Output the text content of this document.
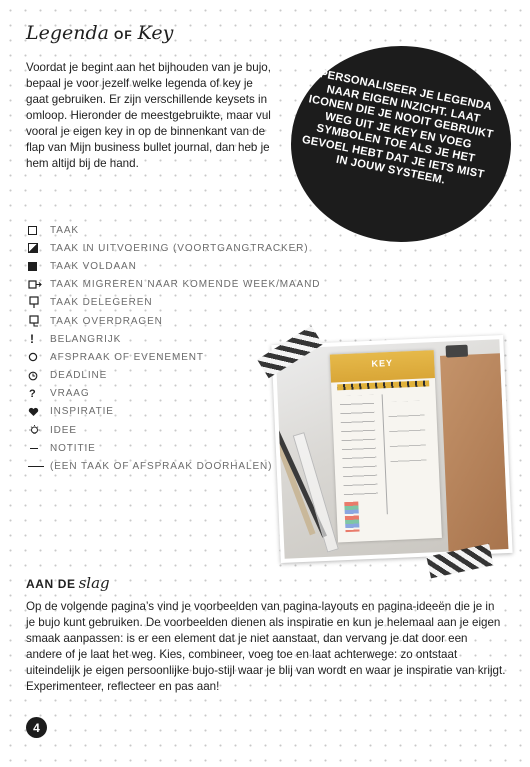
Legenda OF Key
Voordat je begint aan het bijhouden van je bujo, bepaal je voor jezelf welke legenda of key je gaat gebruiken. Er zijn verschillende keysets in omloop. Hieronder de meestgebruikte, maar vul vooral je eigen key in op de binnenkant van de flap van Mijn business bullet journal, dan heb je hem altijd bij de hand.
PERSONALISEER JE LEGENDA NAAR EIGEN INZICHT. LAAT ICONEN DIE JE NOOIT GEBRUIKT WEG UIT JE KEY EN VOEG SYMBOLEN TOE ALS JE HET GEVOEL HEBT DAT JE IETS MIST IN JOUW SYSTEEM.
TAAK
TAAK IN UITVOERING (VOORTGANGTRACKER)
TAAK VOLDAAN
TAAK MIGREREN NAAR KOMENDE WEEK/MAAND
TAAK DELEGEREN
TAAK OVERDRAGEN
! BELANGRIJK
AFSPRAAK OF EVENEMENT
DEADLINE
? VRAAG
INSPIRATIE
IDEE
NOTITIE
(EEN TAAK OF AFSPRAAK DOORHALEN)
KEY
AAN DE slag
Op de volgende pagina’s vind je voorbeelden van pagina-layouts en pagina-ideeën die je in je bujo kunt gebruiken. De voorbeelden dienen als inspiratie en kun je helemaal aan je eigen smaak aanpassen: is er een element dat je niet aanstaat, dan vervang je dat door een andere of je laat het weg. Kies, combineer, voeg toe en laat achterwege: zo ontstaat uiteindelijk je eigen persoonlijke bujo-stijl waar je blij van wordt en waar je inspiratie van krijgt. Experimenteer, reflecteer en pas aan!
4
